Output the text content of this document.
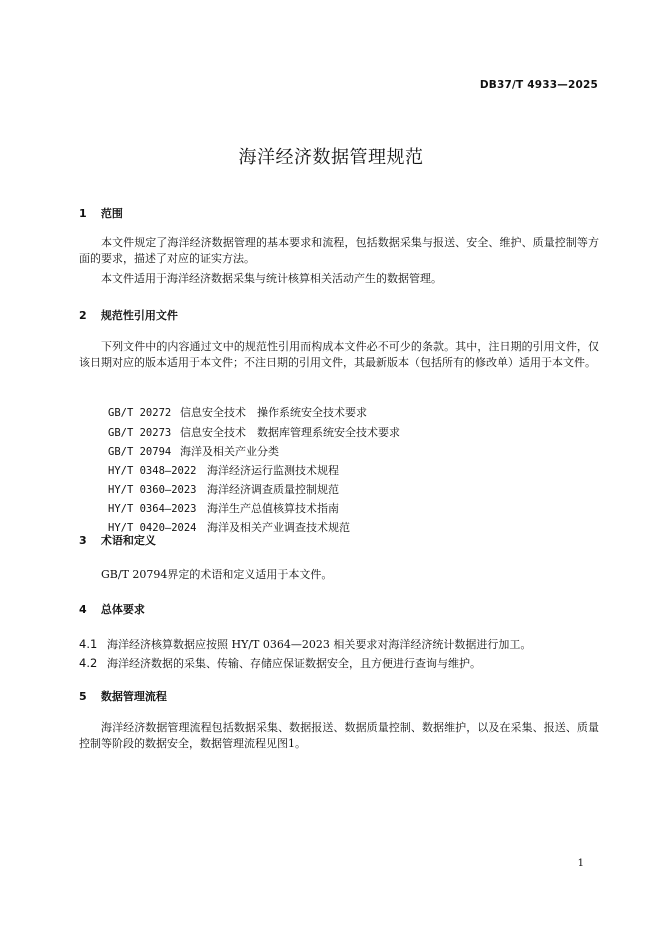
DB37/T 4933—2025
海洋经济数据管理规范
1 范围
本文件规定了海洋经济数据管理的基本要求和流程，包括数据采集与报送、安全、维护、质量控制等方面的要求，描述了对应的证实方法。
本文件适用于海洋经济数据采集与统计核算相关活动产生的数据管理。
2 规范性引用文件
下列文件中的内容通过文中的规范性引用而构成本文件必不可少的条款。其中，注日期的引用文件，仅该日期对应的版本适用于本文件；不注日期的引用文件，其最新版本（包括所有的修改单）适用于本文件。

GB/T 20272 信息安全技术　操作系统安全技术要求

GB/T 20273 信息安全技术　数据库管理系统安全技术要求

GB/T 20794 海洋及相关产业分类

HY/T 0348—2022 海洋经济运行监测技术规程

HY/T 0360—2023 海洋经济调查质量控制规范

HY/T 0364—2023 海洋生产总值核算技术指南

HY/T 0420—2024 海洋及相关产业调查技术规范

3 术语和定义
GB/T 20794界定的术语和定义适用于本文件。
4 总体要求
4.1 海洋经济核算数据应按照 HY/T 0364—2023 相关要求对海洋经济统计数据进行加工。
4.2 海洋经济数据的采集、传输、存储应保证数据安全，且方便进行查询与维护。
5 数据管理流程
海洋经济数据管理流程包括数据采集、数据报送、数据质量控制、数据维护，以及在采集、报送、质量控制等阶段的数据安全，数据管理流程见图1。
1
